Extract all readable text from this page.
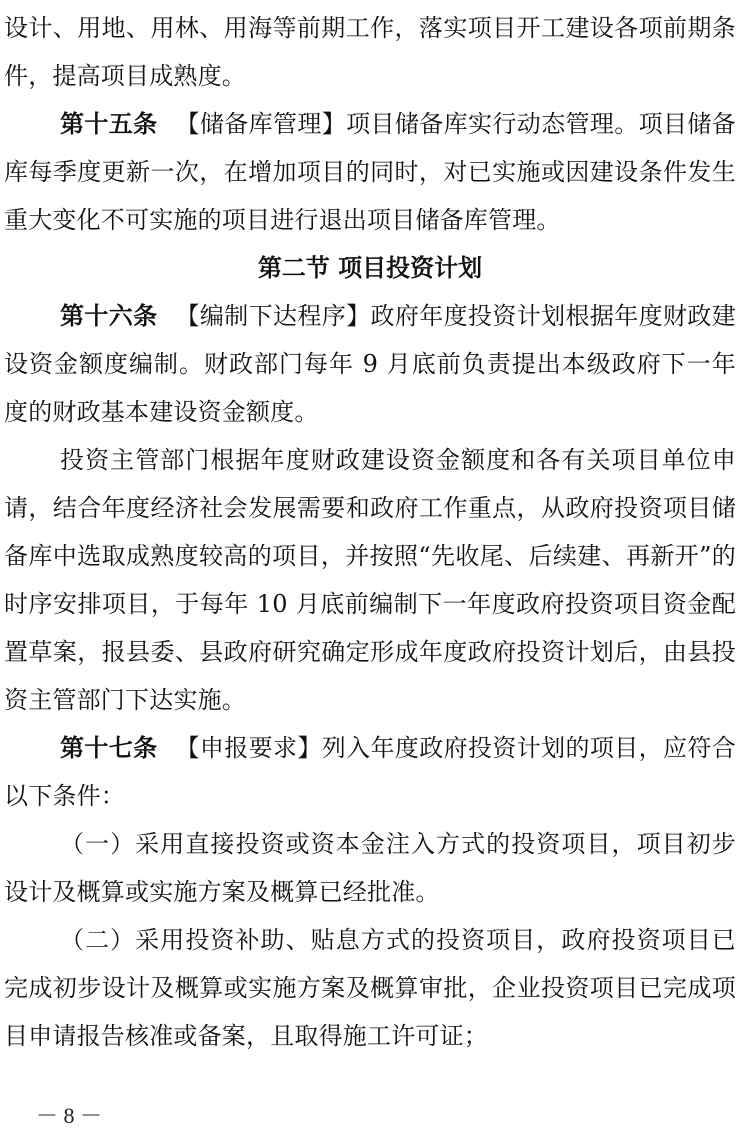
设计、用地、用林、用海等前期工作，落实项目开工建设各项前期条件，提高项目成熟度。

第十五条 【储备库管理】项目储备库实行动态管理。项目储备库每季度更新一次，在增加项目的同时，对已实施或因建设条件发生重大变化不可实施的项目进行退出项目储备库管理。

第二节 项目投资计划

第十六条 【编制下达程序】政府年度投资计划根据年度财政建设资金额度编制。财政部门每年 9 月底前负责提出本级政府下一年度的财政基本建设资金额度。

投资主管部门根据年度财政建设资金额度和各有关项目单位申请，结合年度经济社会发展需要和政府工作重点，从政府投资项目储备库中选取成熟度较高的项目，并按照“先收尾、后续建、再新开”的时序安排项目，于每年 10 月底前编制下一年度政府投资项目资金配置草案，报县委、县政府研究确定形成年度政府投资计划后，由县投资主管部门下达实施。

第十七条 【申报要求】列入年度政府投资计划的项目，应符合以下条件：

（一）采用直接投资或资本金注入方式的投资项目，项目初步设计及概算或实施方案及概算已经批准。

（二）采用投资补助、贴息方式的投资项目，政府投资项目已完成初步设计及概算或实施方案及概算审批，企业投资项目已完成项目申请报告核准或备案，且取得施工许可证；

－ 8 －
